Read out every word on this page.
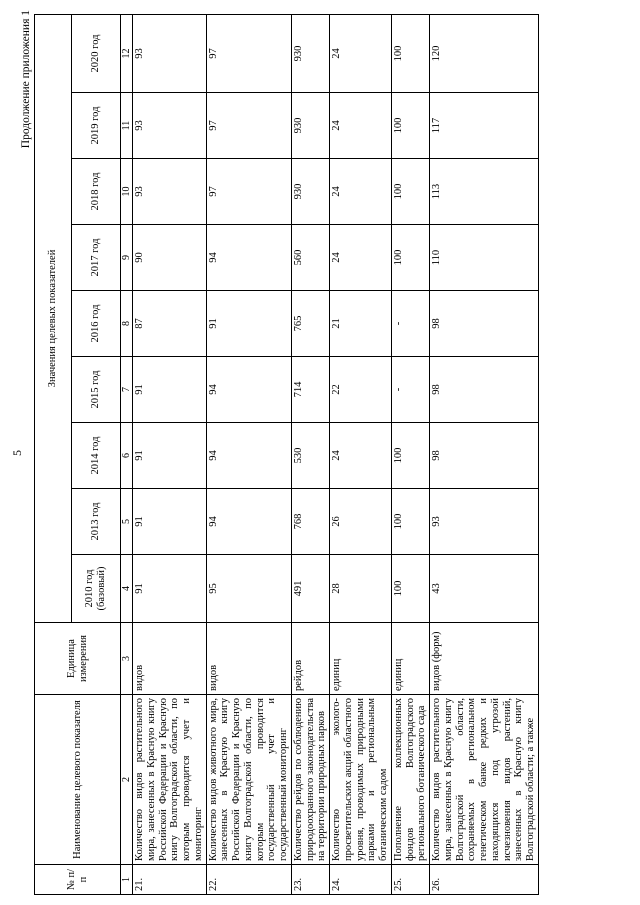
5
Продолжение приложения 1
№ п/п	Наименование целевого показателя	Единица измерения	Значения целевых показателей								
			2010 год (базовый)	2013 год	2014 год	2015 год	2016 год	2017 год	2018 год	2019 год	2020 год
1	2	3	4	5	6	7	8	9	10	11	12
21.	Количество видов растительного мира, занесенных в Красную книгу Российской Федерации и Красную книгу Волгоградской области, по которым проводится учет и мониторинг	видов	91	91	91	91	87	90	93	93	93
22.	Количество видов животного мира, занесенных в Красную книгу Российской Федерации и Красную книгу Волгоградской области, по которым проводится государственный учет и государственный мониторинг	видов	95	94	94	94	91	94	97	97	97
23.	Количество рейдов по соблюдению природоохранного законодательства на территории природных парков	рейдов	491	768	530	714	765	560	930	930	930
24.	Количество эколого-просветительских акций областного уровня, проводимых природными парками и региональным ботаническим садом	единиц	28	26	24	22	21	24	24	24	24
25.	Пополнение коллекционных фондов Волгоградского регионального ботанического сада	единиц	100	100	100	-	-	100	100	100	100
26.	Количество видов растительного мира, занесенных в Красную книгу Волгоградской области, сохраняемых в региональном генетическом банке редких и находящихся под угрозой исчезновения видов растений, занесенных в Красную книгу Волгоградской области; а также	видов (форм)	43	93	98	98	98	110	113	117	120
